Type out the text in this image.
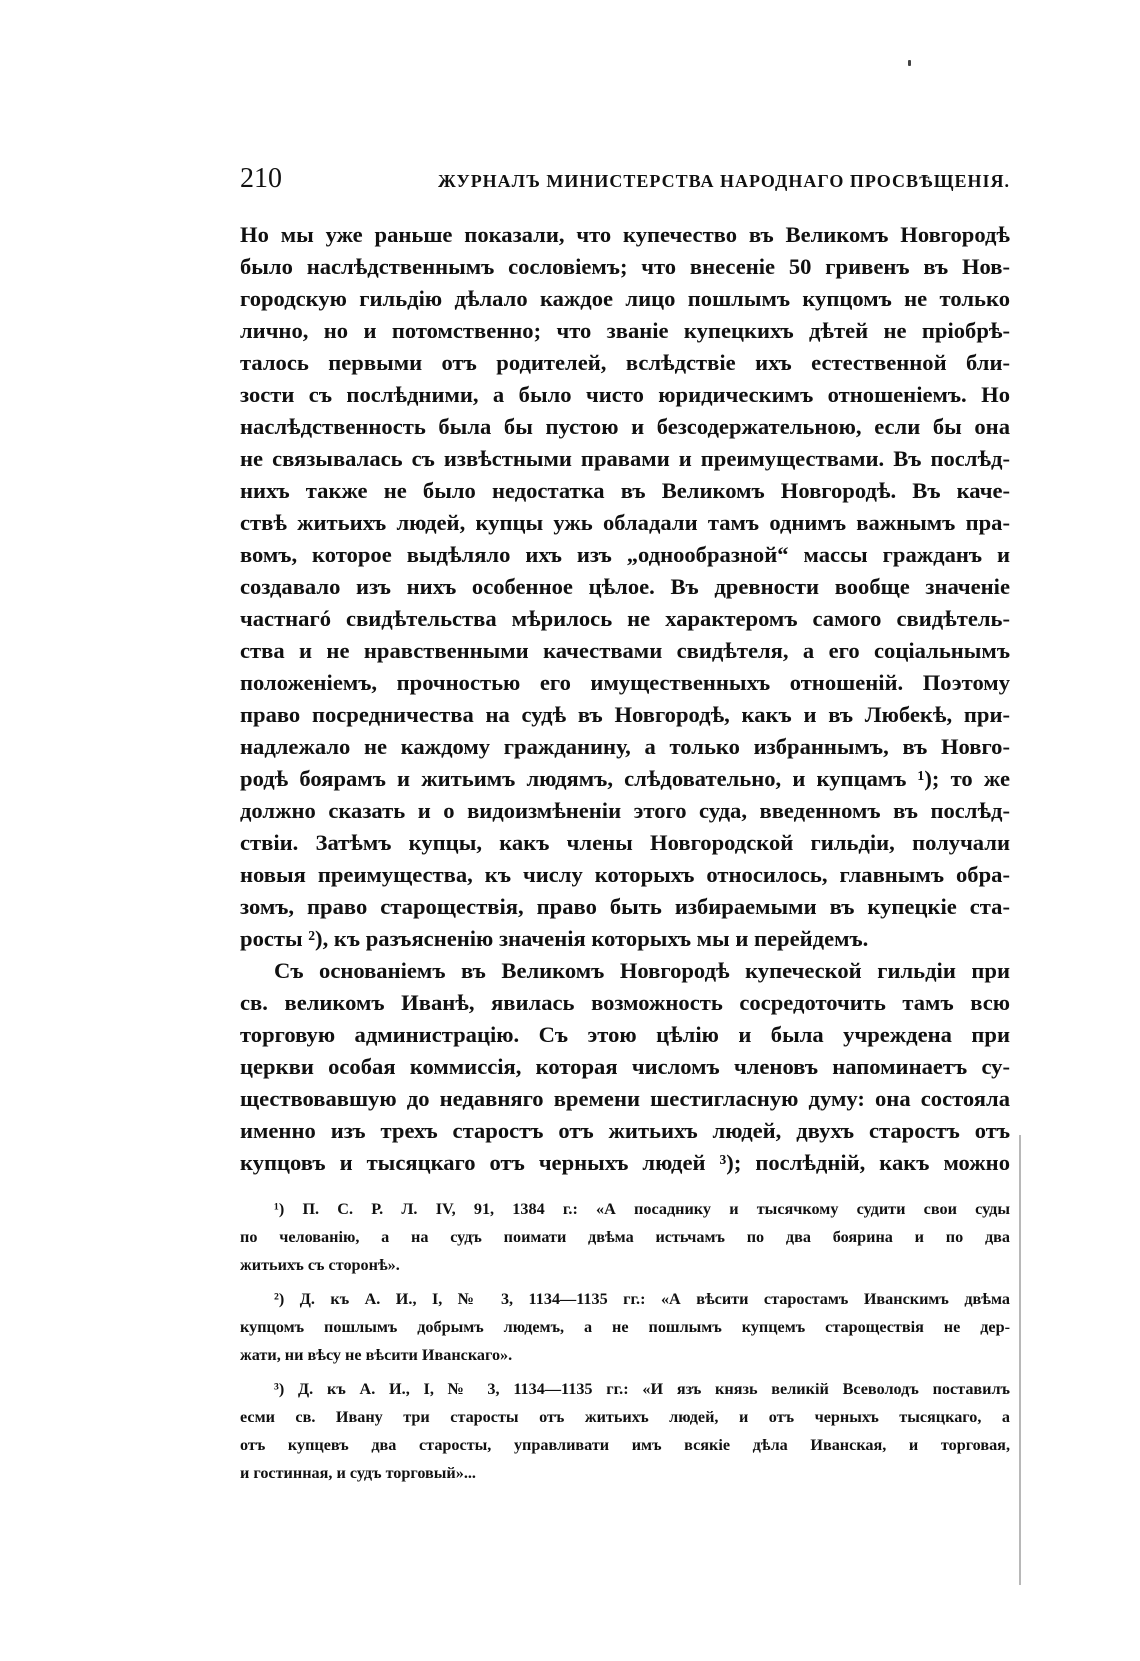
210	ЖУРНАЛЪ МИНИСТЕРСТВА НАРОДНАГО ПРОСВѢЩЕНІЯ.
Но мы уже раньше показали, что купечество въ Великомъ Новгородѣ
было наслѣдственнымъ сословіемъ; что внесеніе 50 гривенъ въ Нов-
городскую гильдію дѣлало каждое лицо пошлымъ купцомъ не только
лично, но и потомственно; что званіе купецкихъ дѣтей не пріобрѣ-
талось первыми отъ родителей, вслѣдствіе ихъ естественной бли-
зости съ послѣдними, а было чисто юридическимъ отношеніемъ. Но
наслѣдственность была бы пустою и безсодержательною, если бы она
не связывалась съ извѣстными правами и преимуществами. Въ послѣд-
нихъ также не было недостатка въ Великомъ Новгородѣ. Въ каче-
ствѣ житьихъ людей, купцы ужь обладали тамъ однимъ важнымъ пра-
вомъ, которое выдѣляло ихъ изъ „однообразной“ массы гражданъ и
создавало изъ нихъ особенное цѣлое. Въ древности вообще значеніе
частнагó свидѣтельства мѣрилось не характеромъ самого свидѣтель-
ства и не нравственными качествами свидѣтеля, а его соціальнымъ
положеніемъ, прочностью его имущественныхъ отношеній. Поэтому
право посредничества на судѣ въ Новгородѣ, какъ и въ Любекѣ, при-
надлежало не каждому гражданину, а только избраннымъ, въ Новго-
родѣ боярамъ и житьимъ людямъ, слѣдовательно, и купцамъ ¹); то же
должно сказать и о видоизмѣненіи этого суда, введенномъ въ послѣд-
ствіи. Затѣмъ купцы, какъ члены Новгородской гильдіи, получали
новыя преимущества, къ числу которыхъ относилось, главнымъ обра-
зомъ, право староществія, право быть избираемыми въ купецкіе ста-
росты ²), къ разъясненію значенія которыхъ мы и перейдемъ.
Съ основаніемъ въ Великомъ Новгородѣ купеческой гильдіи при
св. великомъ Иванѣ, явилась возможность сосредоточить тамъ всю
торговую администрацію. Съ этою цѣлію и была учреждена при
церкви особая коммиссія, которая числомъ членовъ напоминаетъ су-
ществовавшую до недавняго времени шестигласную думу: она состояла
именно изъ трехъ старостъ отъ житьихъ людей, двухъ старостъ отъ
купцовъ и тысяцкаго отъ черныхъ людей ³); послѣдній, какъ можно
¹) П. С. Р. Л. IV, 91, 1384 г.: «А посаднику и тысячкому судити свои суды
по челованію, а на судъ поимати двѣма истьчамъ по два боярина и по два
житьихъ съ сторонѣ».
²) Д. къ А. И., I, № 3, 1134—1135 гг.: «А вѣсити старостамъ Иванскимъ двѣма
купцомъ пошлымъ добрымъ людемъ, а не пошлымъ купцемъ староществія не дер-
жати, ни вѣсу не вѣсити Иванскаго».
³) Д. къ А. И., I, № 3, 1134—1135 гг.: «И язъ князь великій Всеволодъ поставилъ
есми св. Ивану три старосты отъ житьихъ людей, и отъ черныхъ тысяцкаго, а
отъ купцевъ два старосты, управливати имъ всякіе дѣла Иванская, и торговая,
и гостинная, и судъ торговый»...
